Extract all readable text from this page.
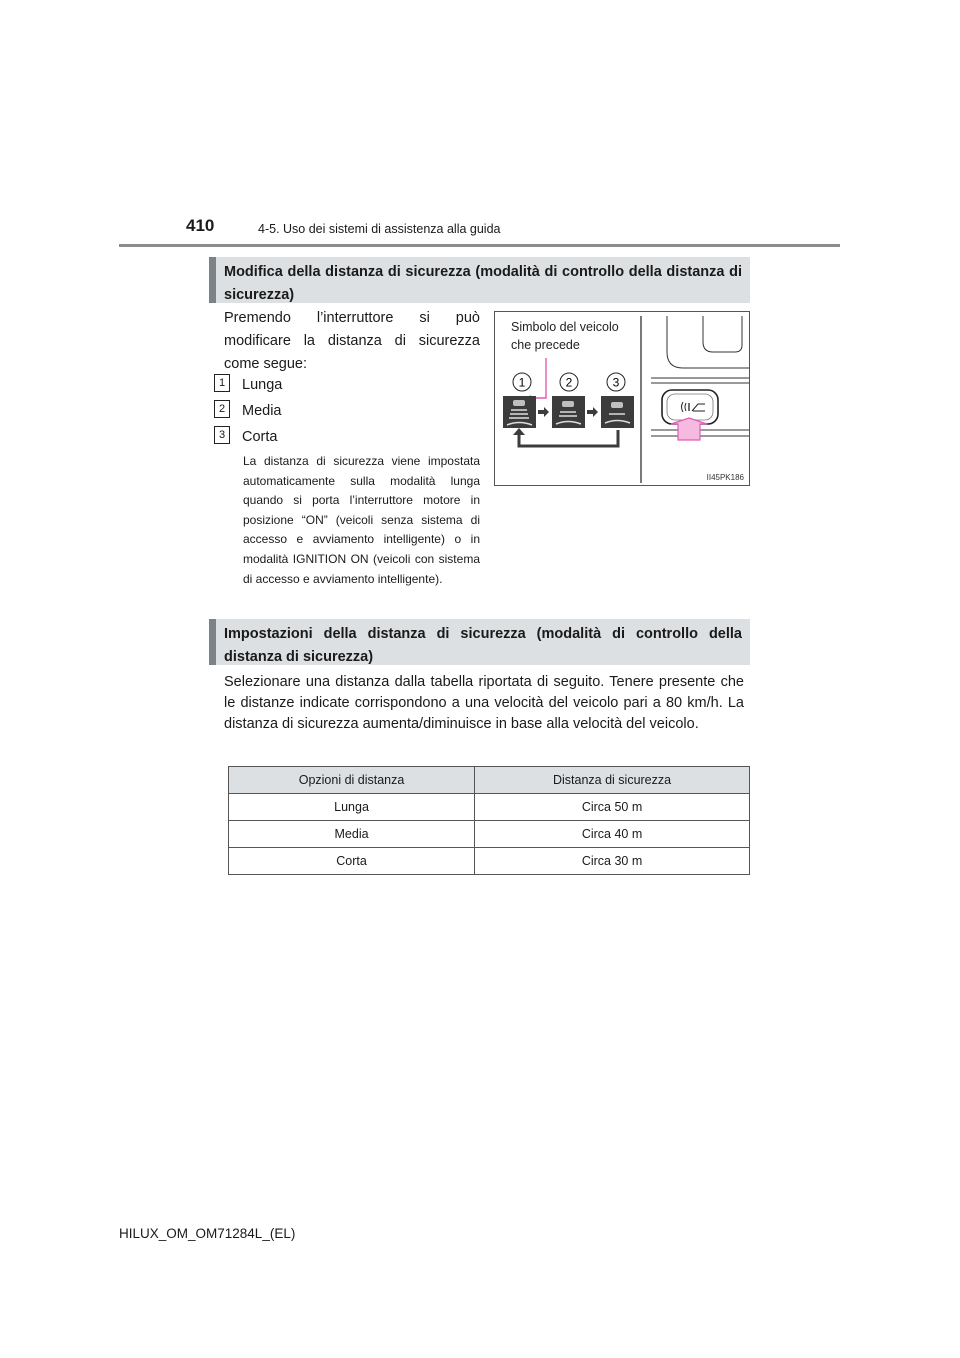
410	4-5. Uso dei sistemi di assistenza alla guida
Modifica della distanza di sicurezza (modalità di controllo della distanza di sicurezza)
Premendo l’interruttore si può modificare la distanza di sicurezza come segue:
1 Lunga
2 Media
3 Corta
La distanza di sicurezza viene impostata automaticamente sulla modalità lunga quando si porta l’interruttore motore in posizione “ON” (veicoli senza sistema di accesso e avviamento intelligente) o in modalità IGNITION ON (veicoli con sistema di accesso e avviamento intelligente).
Simbolo del veicolo
che precede
1	2	3
II45PK186
Impostazioni della distanza di sicurezza (modalità di controllo della distanza di sicurezza)
Selezionare una distanza dalla tabella riportata di seguito. Tenere presente che le distanze indicate corrispondono a una velocità del veicolo pari a 80 km/h. La distanza di sicurezza aumenta/diminuisce in base alla velocità del veicolo.
Opzioni di distanza	Distanza di sicurezza
Lunga	Circa 50 m
Media	Circa 40 m
Corta	Circa 30 m
HILUX_OM_OM71284L_(EL)
